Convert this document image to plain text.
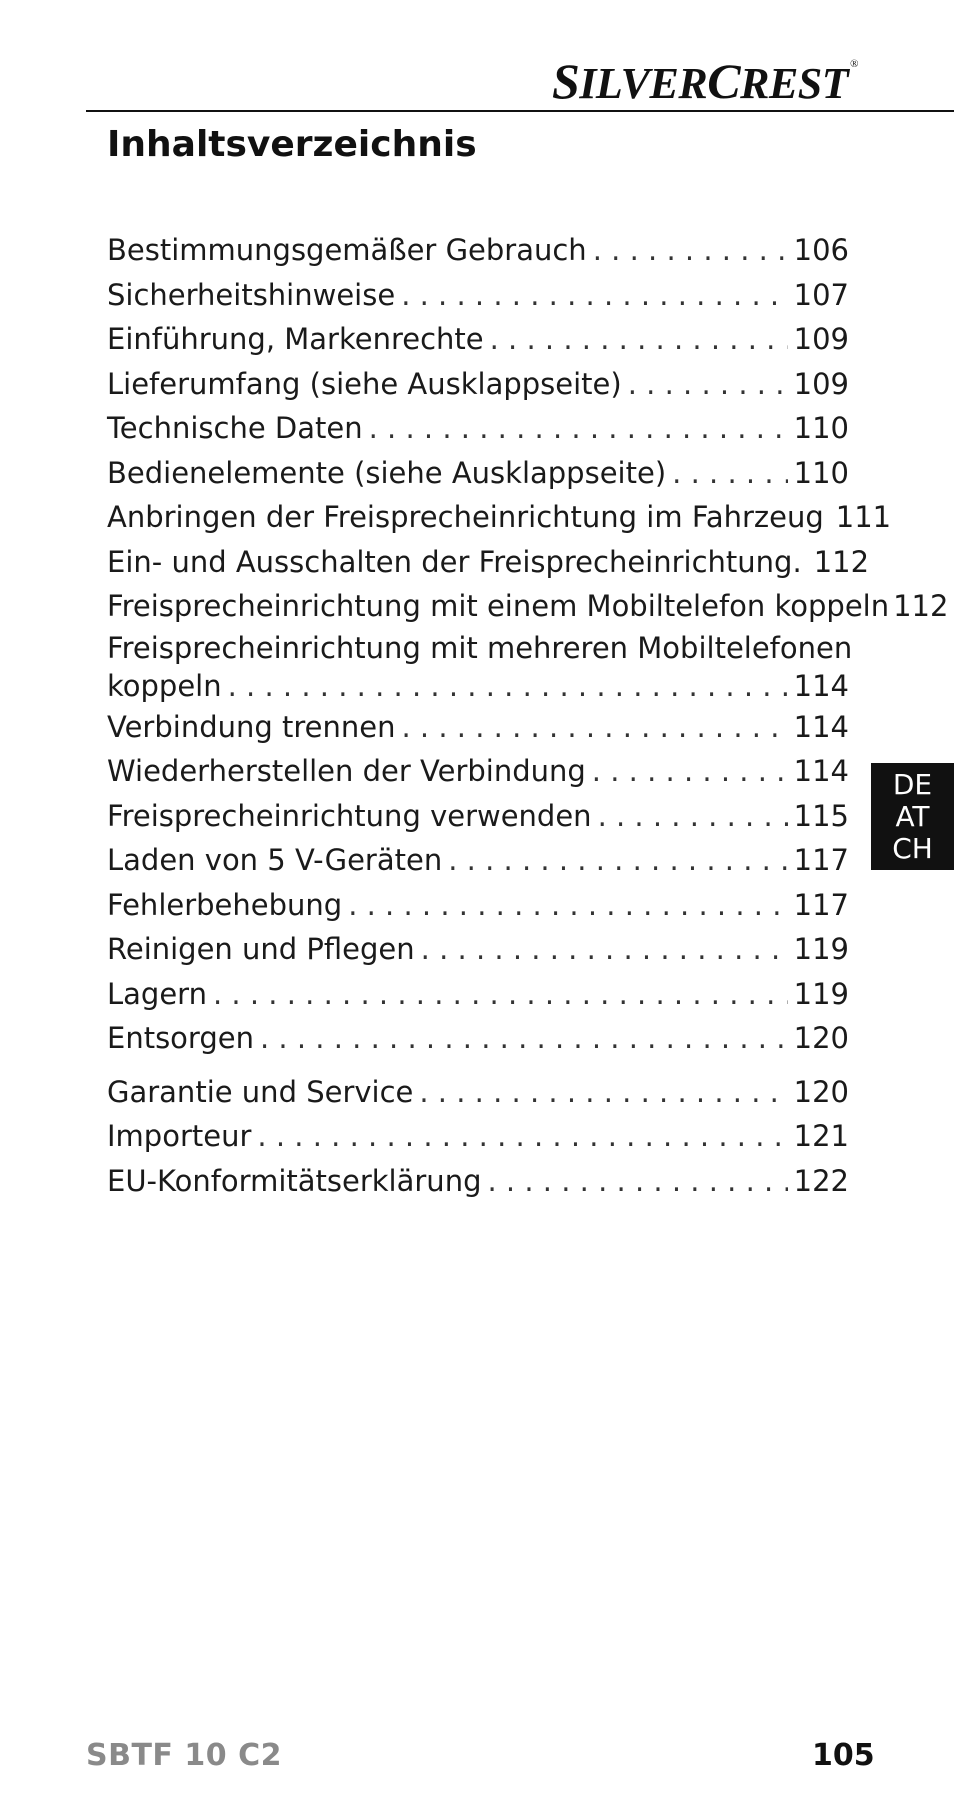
SILVERCREST ®
Inhaltsverzeichnis
Bestimmungsgemäßer Gebrauch . . .	106
Sicherheitshinweise . . .	107
Einführung, Markenrechte . . .	109
Lieferumfang (siehe Ausklappseite) . . .	109
Technische Daten . . .	110
Bedienelemente (siehe Ausklappseite) . . .	110
Anbringen der Freisprecheinrichtung im Fahrzeug 111
Ein- und Ausschalten der Freisprecheinrichtung. 112
Freisprecheinrichtung mit einem Mobiltelefon koppeln 112
Freisprecheinrichtung mit mehreren Mobiltelefonen
koppeln . . .	114
Verbindung trennen . . .	114
Wiederherstellen der Verbindung . . .	114
Freisprecheinrichtung verwenden . . .	115
Laden von 5 V-Geräten . . .	117
Fehlerbehebung . . .	117
Reinigen und Pflegen . . .	119
Lagern . . .	119
Entsorgen . . .	120
Garantie und Service . . .	120
Importeur . . .	121
EU-Konformitätserklärung . . .	122
DE
AT
CH
SBTF 10 C2	105
